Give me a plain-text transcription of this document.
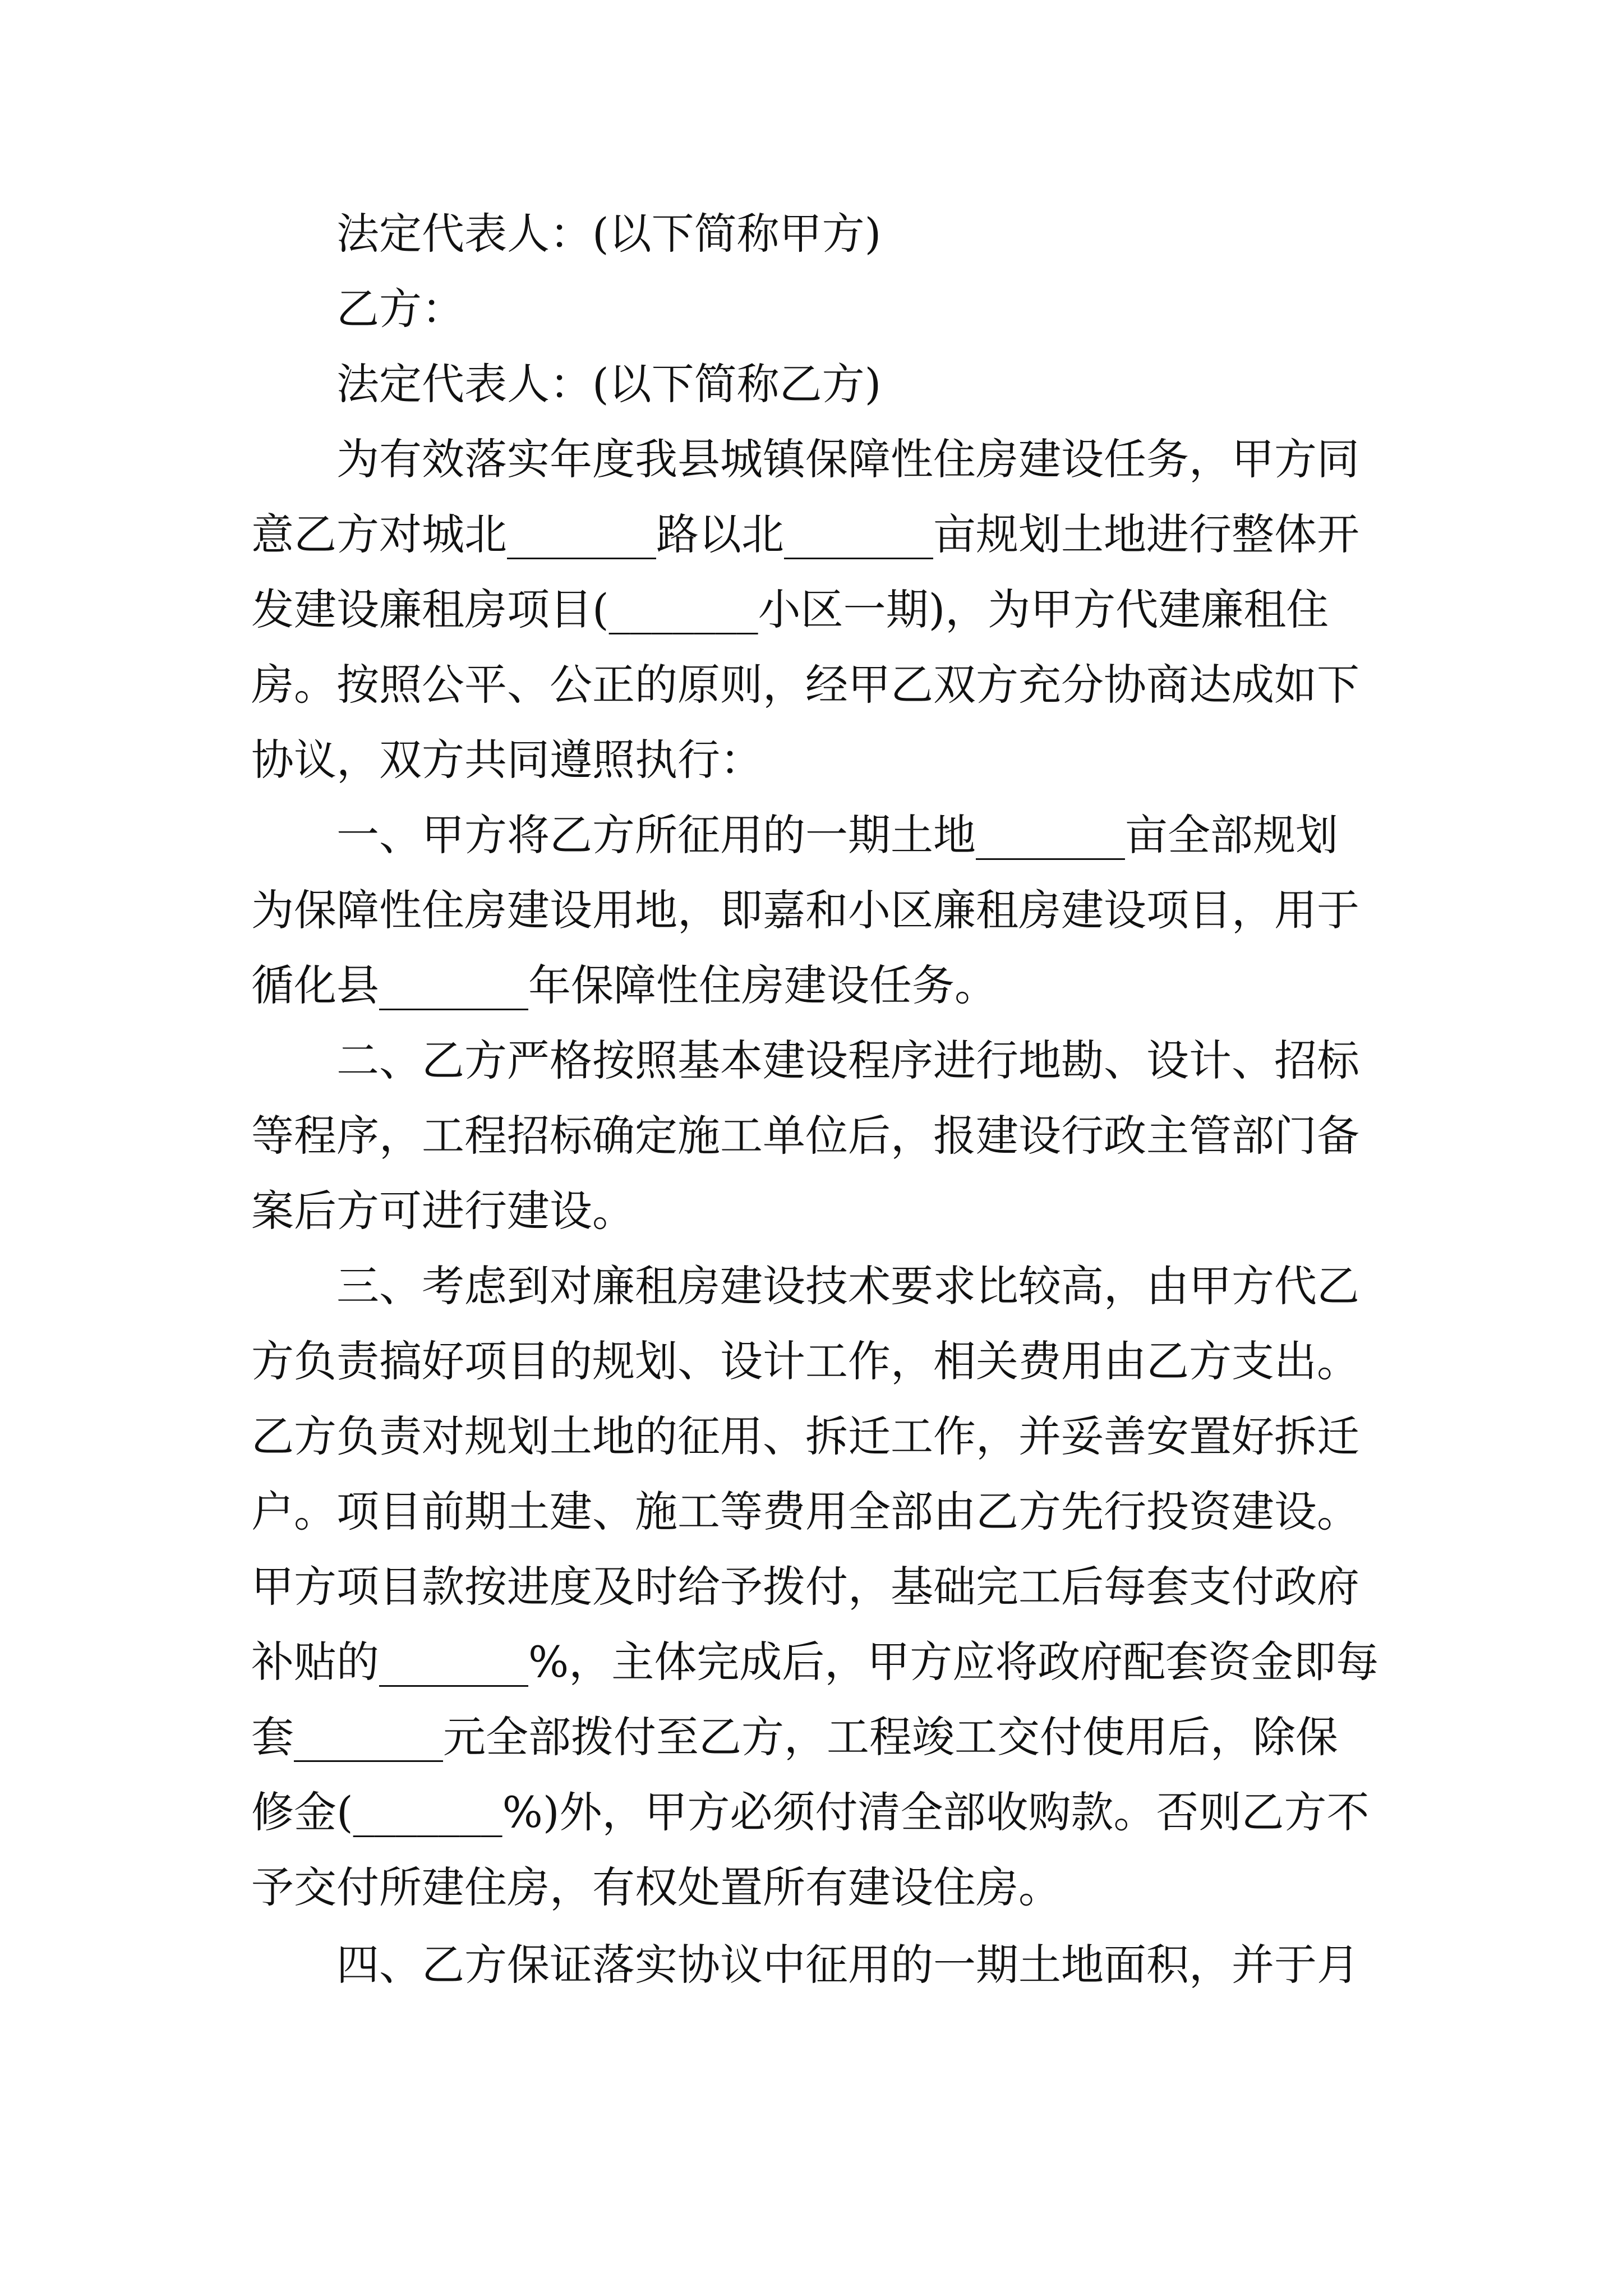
法定代表人：(以下简称甲方)
乙方：
法定代表人：(以下简称乙方)
为有效落实年度我县城镇保障性住房建设任务，甲方同
意乙方对城北_______路以北_______亩规划土地进行整体开
发建设廉租房项目(_______小区一期)，为甲方代建廉租住
房。按照公平、公正的原则，经甲乙双方充分协商达成如下
协议，双方共同遵照执行：
一、甲方将乙方所征用的一期土地_______亩全部规划
为保障性住房建设用地，即嘉和小区廉租房建设项目，用于
循化县_______年保障性住房建设任务。
二、乙方严格按照基本建设程序进行地勘、设计、招标
等程序，工程招标确定施工单位后，报建设行政主管部门备
案后方可进行建设。
三、考虑到对廉租房建设技术要求比较高，由甲方代乙
方负责搞好项目的规划、设计工作，相关费用由乙方支出。
乙方负责对规划土地的征用、拆迁工作，并妥善安置好拆迁
户。项目前期土建、施工等费用全部由乙方先行投资建设。
甲方项目款按进度及时给予拨付，基础完工后每套支付政府
补贴的_______%，主体完成后，甲方应将政府配套资金即每
套_______元全部拨付至乙方，工程竣工交付使用后，除保
修金(_______%)外，甲方必须付清全部收购款。否则乙方不
予交付所建住房，有权处置所有建设住房。
四、乙方保证落实协议中征用的一期土地面积，并于月
